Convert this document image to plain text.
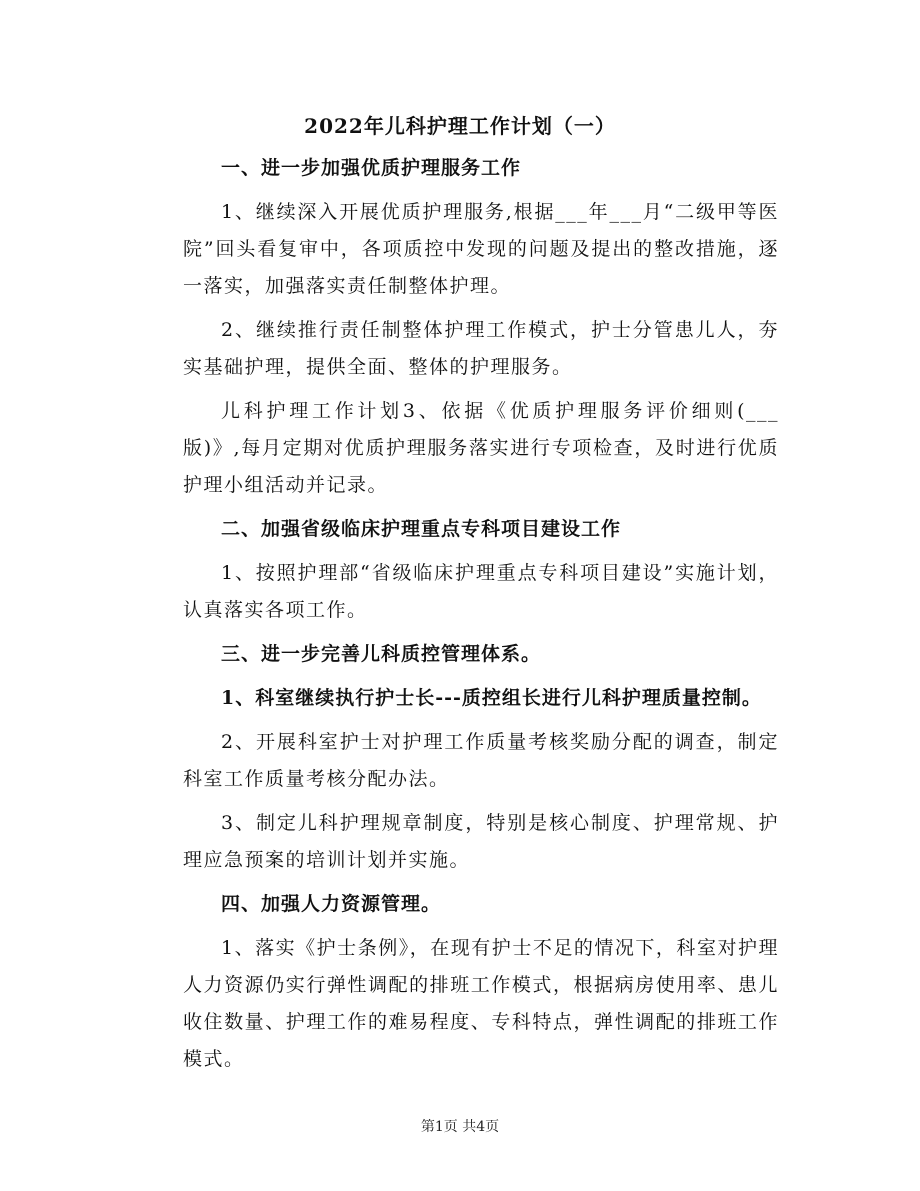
2022年儿科护理工作计划（一）

一、进一步加强优质护理服务工作

1、继续深入开展优质护理服务,根据___年___月“二级甲等医院”回头看复审中，各项质控中发现的问题及提出的整改措施，逐一落实，加强落实责任制整体护理。

2、继续推行责任制整体护理工作模式，护士分管患儿人，夯实基础护理，提供全面、整体的护理服务。

儿科护理工作计划3、依据《优质护理服务评价细则(___版)》,每月定期对优质护理服务落实进行专项检查，及时进行优质护理小组活动并记录。

二、加强省级临床护理重点专科项目建设工作

1、按照护理部“省级临床护理重点专科项目建设”实施计划，认真落实各项工作。

三、进一步完善儿科质控管理体系。

1、科室继续执行护士长---质控组长进行儿科护理质量控制。

2、开展科室护士对护理工作质量考核奖励分配的调查，制定科室工作质量考核分配办法。

3、制定儿科护理规章制度，特别是核心制度、护理常规、护理应急预案的培训计划并实施。

四、加强人力资源管理。

1、落实《护士条例》，在现有护士不足的情况下，科室对护理人力资源仍实行弹性调配的排班工作模式，根据病房使用率、患儿收住数量、护理工作的难易程度、专科特点，弹性调配的排班工作模式。

第1页 共4页
